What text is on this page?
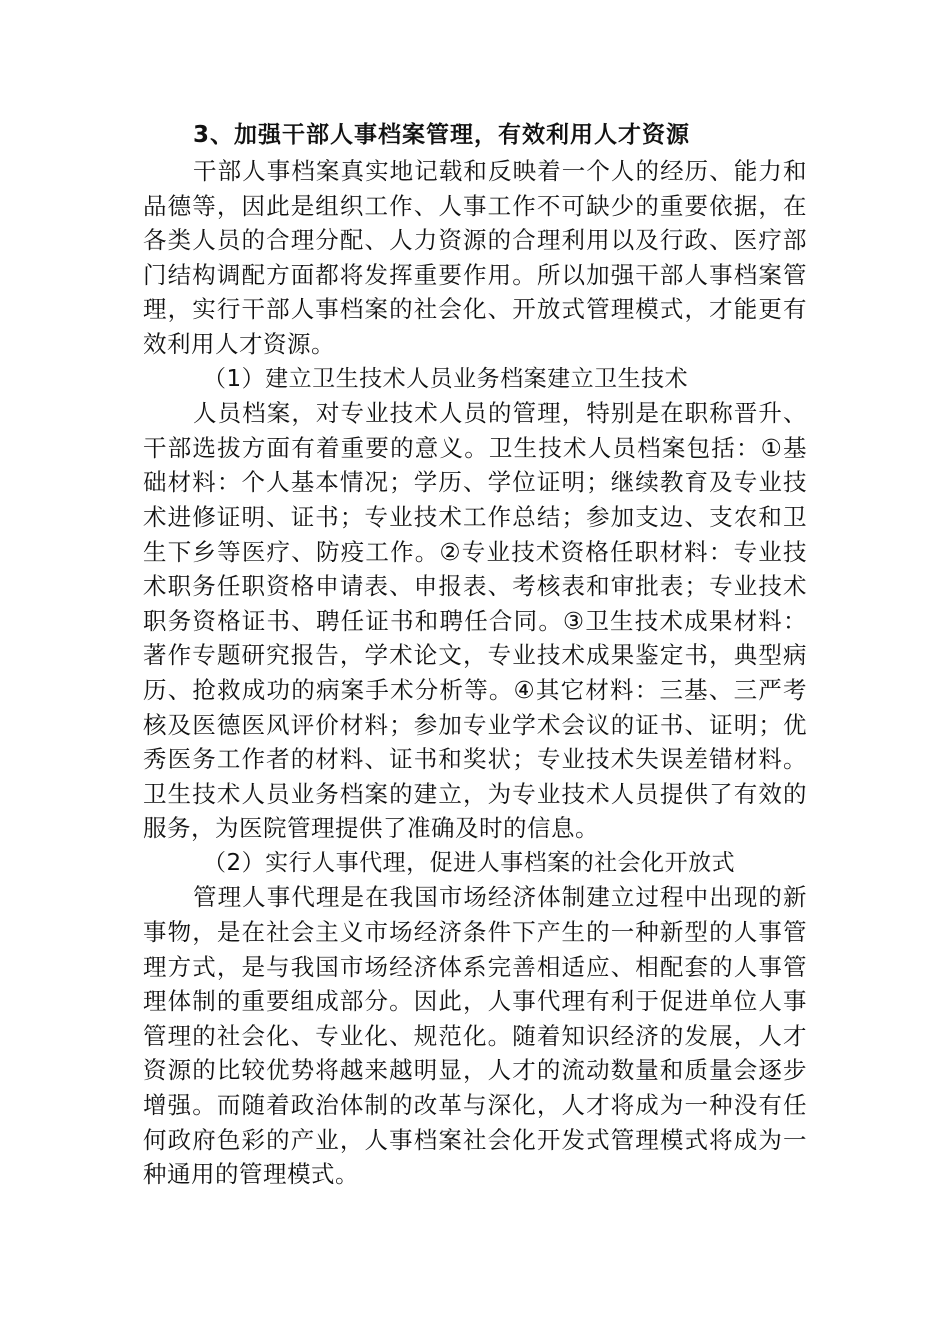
3、加强干部人事档案管理，有效利用人才资源

干部人事档案真实地记载和反映着一个人的经历、能力和品德等，因此是组织工作、人事工作不可缺少的重要依据，在各类人员的合理分配、人力资源的合理利用以及行政、医疗部门结构调配方面都将发挥重要作用。所以加强干部人事档案管理，实行干部人事档案的社会化、开放式管理模式，才能更有效利用人才资源。

（1）建立卫生技术人员业务档案建立卫生技术

人员档案，对专业技术人员的管理，特别是在职称晋升、干部选拔方面有着重要的意义。卫生技术人员档案包括：①基础材料：个人基本情况；学历、学位证明；继续教育及专业技术进修证明、证书；专业技术工作总结；参加支边、支农和卫生下乡等医疗、防疫工作。②专业技术资格任职材料：专业技术职务任职资格申请表、申报表、考核表和审批表；专业技术职务资格证书、聘任证书和聘任合同。③卫生技术成果材料：著作专题研究报告，学术论文，专业技术成果鉴定书，典型病历、抢救成功的病案手术分析等。④其它材料：三基、三严考核及医德医风评价材料；参加专业学术会议的证书、证明；优秀医务工作者的材料、证书和奖状；专业技术失误差错材料。卫生技术人员业务档案的建立，为专业技术人员提供了有效的服务，为医院管理提供了准确及时的信息。

（2）实行人事代理，促进人事档案的社会化开放式

管理人事代理是在我国市场经济体制建立过程中出现的新事物，是在社会主义市场经济条件下产生的一种新型的人事管理方式，是与我国市场经济体系完善相适应、相配套的人事管理体制的重要组成部分。因此，人事代理有利于促进单位人事管理的社会化、专业化、规范化。随着知识经济的发展，人才资源的比较优势将越来越明显，人才的流动数量和质量会逐步增强。而随着政治体制的改革与深化，人才将成为一种没有任何政府色彩的产业，人事档案社会化开发式管理模式将成为一种通用的管理模式。
